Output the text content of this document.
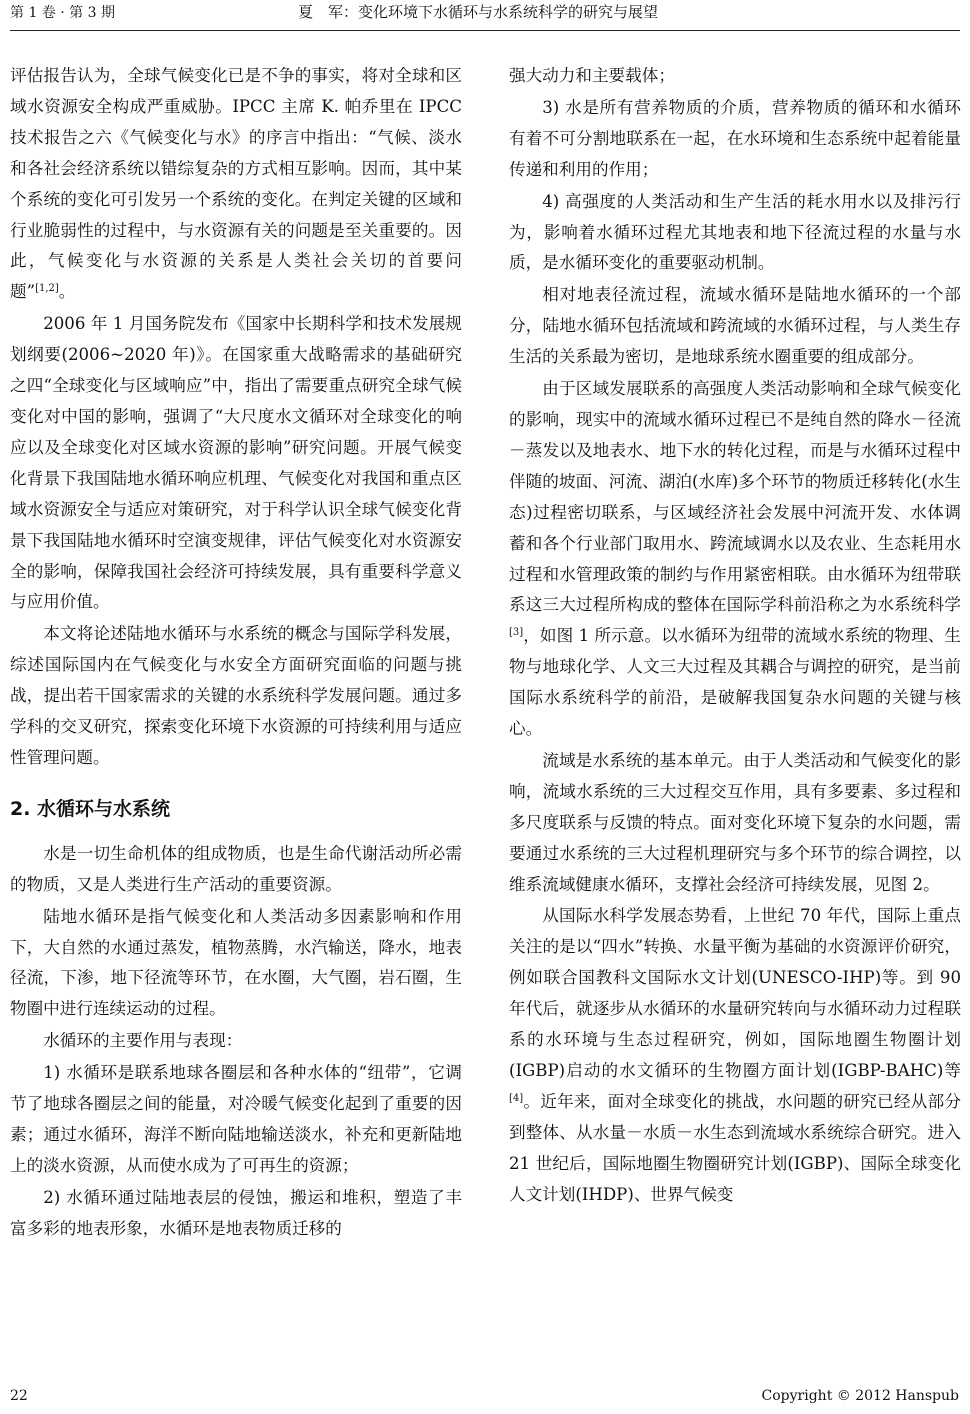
第 1 卷 · 第 3 期	夏　军：变化环境下水循环与水系统科学的研究与展望

评估报告认为，全球气候变化已是不争的事实，将对全球和区域水资源安全构成严重威胁。IPCC 主席 K. 帕乔里在 IPCC 技术报告之六《气候变化与水》的序言中指出：“气候、淡水和各社会经济系统以错综复杂的方式相互影响。因而，其中某个系统的变化可引发另一个系统的变化。在判定关键的区域和行业脆弱性的过程中，与水资源有关的问题是至关重要的。因此，气候变化与水资源的关系是人类社会关切的首要问题”[1,2]。

2006 年 1 月国务院发布《国家中长期科学和技术发展规划纲要(2006~2020 年)》。在国家重大战略需求的基础研究之四“全球变化与区域响应”中，指出了需要重点研究全球气候变化对中国的影响，强调了“大尺度水文循环对全球变化的响应以及全球变化对区域水资源的影响”研究问题。开展气候变化背景下我国陆地水循环响应机理、气候变化对我国和重点区域水资源安全与适应对策研究，对于科学认识全球气候变化背景下我国陆地水循环时空演变规律，评估气候变化对水资源安全的影响，保障我国社会经济可持续发展，具有重要科学意义与应用价值。

本文将论述陆地水循环与水系统的概念与国际学科发展，综述国际国内在气候变化与水安全方面研究面临的问题与挑战，提出若干国家需求的关键的水系统科学发展问题。通过多学科的交叉研究，探索变化环境下水资源的可持续利用与适应性管理问题。

2. 水循环与水系统

水是一切生命机体的组成物质，也是生命代谢活动所必需的物质，又是人类进行生产活动的重要资源。

陆地水循环是指气候变化和人类活动多因素影响和作用下，大自然的水通过蒸发，植物蒸腾，水汽输送，降水，地表径流，下渗，地下径流等环节，在水圈，大气圈，岩石圈，生物圈中进行连续运动的过程。

水循环的主要作用与表现：

1) 水循环是联系地球各圈层和各种水体的“纽带”，它调节了地球各圈层之间的能量，对冷暖气候变化起到了重要的因素；通过水循环，海洋不断向陆地输送淡水，补充和更新陆地上的淡水资源，从而使水成为了可再生的资源；

2) 水循环通过陆地表层的侵蚀，搬运和堆积，塑造了丰富多彩的地表形象，水循环是地表物质迁移的

强大动力和主要载体；

3) 水是所有营养物质的介质，营养物质的循环和水循环有着不可分割地联系在一起，在水环境和生态系统中起着能量传递和利用的作用；

4) 高强度的人类活动和生产生活的耗水用水以及排污行为，影响着水循环过程尤其地表和地下径流过程的水量与水质，是水循环变化的重要驱动机制。

相对地表径流过程，流域水循环是陆地水循环的一个部分，陆地水循环包括流域和跨流域的水循环过程，与人类生存生活的关系最为密切，是地球系统水圈重要的组成部分。

由于区域发展联系的高强度人类活动影响和全球气候变化的影响，现实中的流域水循环过程已不是纯自然的降水－径流－蒸发以及地表水、地下水的转化过程，而是与水循环过程中伴随的坡面、河流、湖泊(水库)多个环节的物质迁移转化(水生态)过程密切联系，与区域经济社会发展中河流开发、水体调蓄和各个行业部门取用水、跨流域调水以及农业、生态耗用水过程和水管理政策的制约与作用紧密相联。由水循环为纽带联系这三大过程所构成的整体在国际学科前沿称之为水系统科学[3]，如图 1 所示意。以水循环为纽带的流域水系统的物理、生物与地球化学、人文三大过程及其耦合与调控的研究，是当前国际水系统科学的前沿，是破解我国复杂水问题的关键与核心。

流域是水系统的基本单元。由于人类活动和气候变化的影响，流域水系统的三大过程交互作用，具有多要素、多过程和多尺度联系与反馈的特点。面对变化环境下复杂的水问题，需要通过水系统的三大过程机理研究与多个环节的综合调控，以维系流域健康水循环，支撑社会经济可持续发展，见图 2。

从国际水科学发展态势看，上世纪 70 年代，国际上重点关注的是以“四水”转换、水量平衡为基础的水资源评价研究，例如联合国教科文国际水文计划(UNESCO-IHP)等。到 90 年代后，就逐步从水循环的水量研究转向与水循环动力过程联系的水环境与生态过程研究，例如，国际地圈生物圈计划(IGBP)启动的水文循环的生物圈方面计划(IGBP-BAHC)等[4]。近年来，面对全球变化的挑战，水问题的研究已经从部分到整体、从水量－水质－水生态到流域水系统综合研究。进入 21 世纪后，国际地圈生物圈研究计划(IGBP)、国际全球变化人文计划(IHDP)、世界气候变

22	Copyright © 2012 Hanspub
